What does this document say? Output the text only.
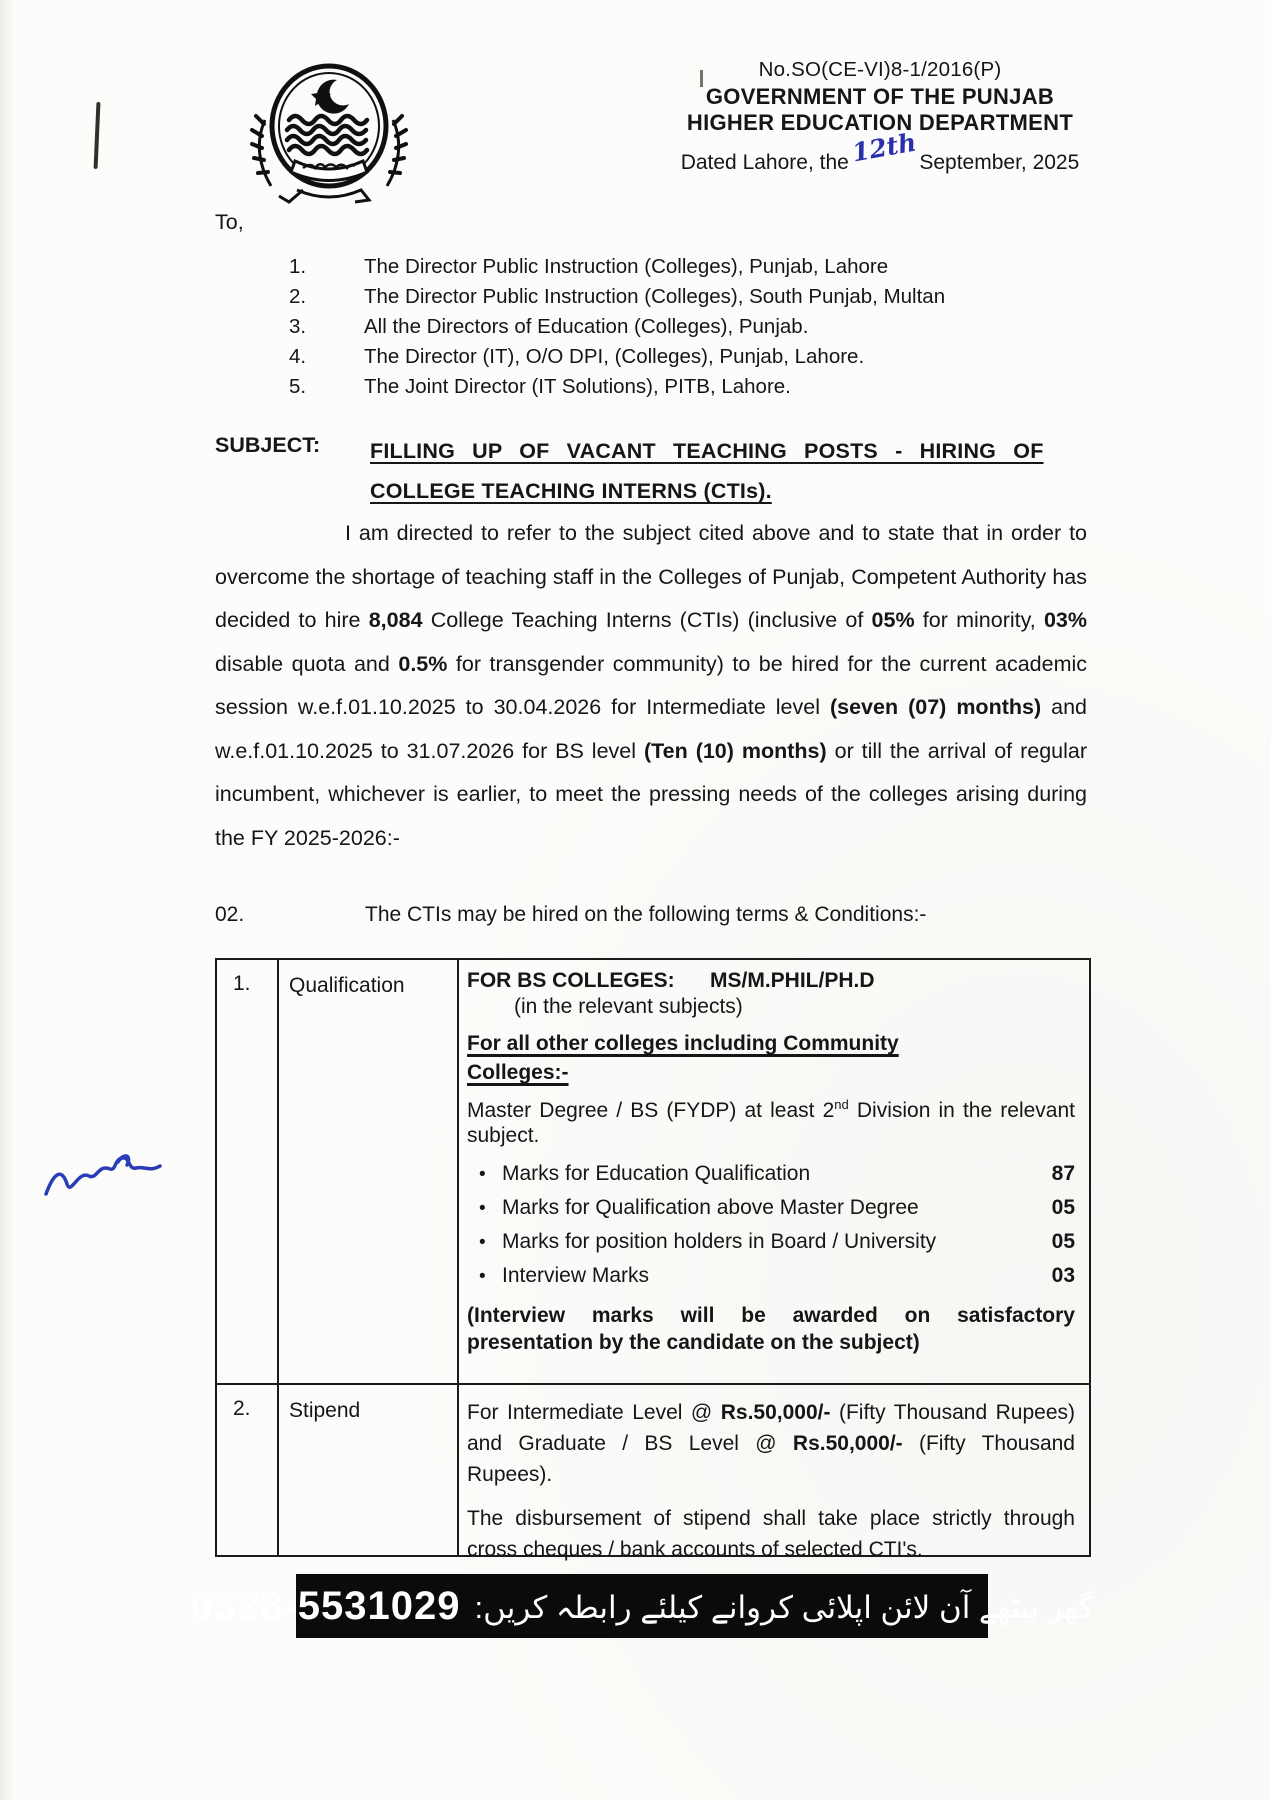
No.SO(CE-VI)8-1/2016(P)
GOVERNMENT OF THE PUNJAB
HIGHER EDUCATION DEPARTMENT
Dated Lahore, the12thSeptember, 2025
To,
1.	The Director Public Instruction (Colleges), Punjab, Lahore
2.	The Director Public Instruction (Colleges), South Punjab, Multan
3.	All the Directors of Education (Colleges), Punjab.
4.	The Director (IT), O/O DPI, (Colleges), Punjab, Lahore.
5.	The Joint Director (IT Solutions), PITB, Lahore.
SUBJECT: FILLING UP OF VACANT TEACHING POSTS - HIRING OF
COLLEGE TEACHING INTERNS (CTIs).
I am directed to refer to the subject cited above and to state that in order to overcome the shortage of teaching staff in the Colleges of Punjab, Competent Authority has decided to hire 8,084 College Teaching Interns (CTIs) (inclusive of 05% for minority, 03% disable quota and 0.5% for transgender community) to be hired for the current academic session w.e.f.01.10.2025 to 30.04.2026 for Intermediate level (seven (07) months) and w.e.f.01.10.2025 to 31.07.2026 for BS level (Ten (10) months) or till the arrival of regular incumbent, whichever is earlier, to meet the pressing needs of the colleges arising during the FY 2025-2026:-
02.	The CTIs may be hired on the following terms & Conditions:-
1.	Qualification	FOR BS COLLEGES:	MS/M.PHIL/PH.D
(in the relevant subjects)
For all other colleges including Community
Colleges:-
Master Degree / BS (FYDP) at least 2nd Division in the relevant subject.
• Marks for Education Qualification	87
• Marks for Qualification above Master Degree	05
• Marks for position holders in Board / University	05
• Interview Marks	03
(Interview marks will be awarded on satisfactory presentation by the candidate on the subject)
2.	Stipend	For Intermediate Level @ Rs.50,000/- (Fifty Thousand Rupees) and Graduate / BS Level @ Rs.50,000/- (Fifty Thousand Rupees).
The disbursement of stipend shall take place strictly through cross cheques / bank accounts of selected CTI's.
گھر بیٹھے آن لائن اپلائی کروانے کیلئے رابطہ کریں:
0328-5531029
